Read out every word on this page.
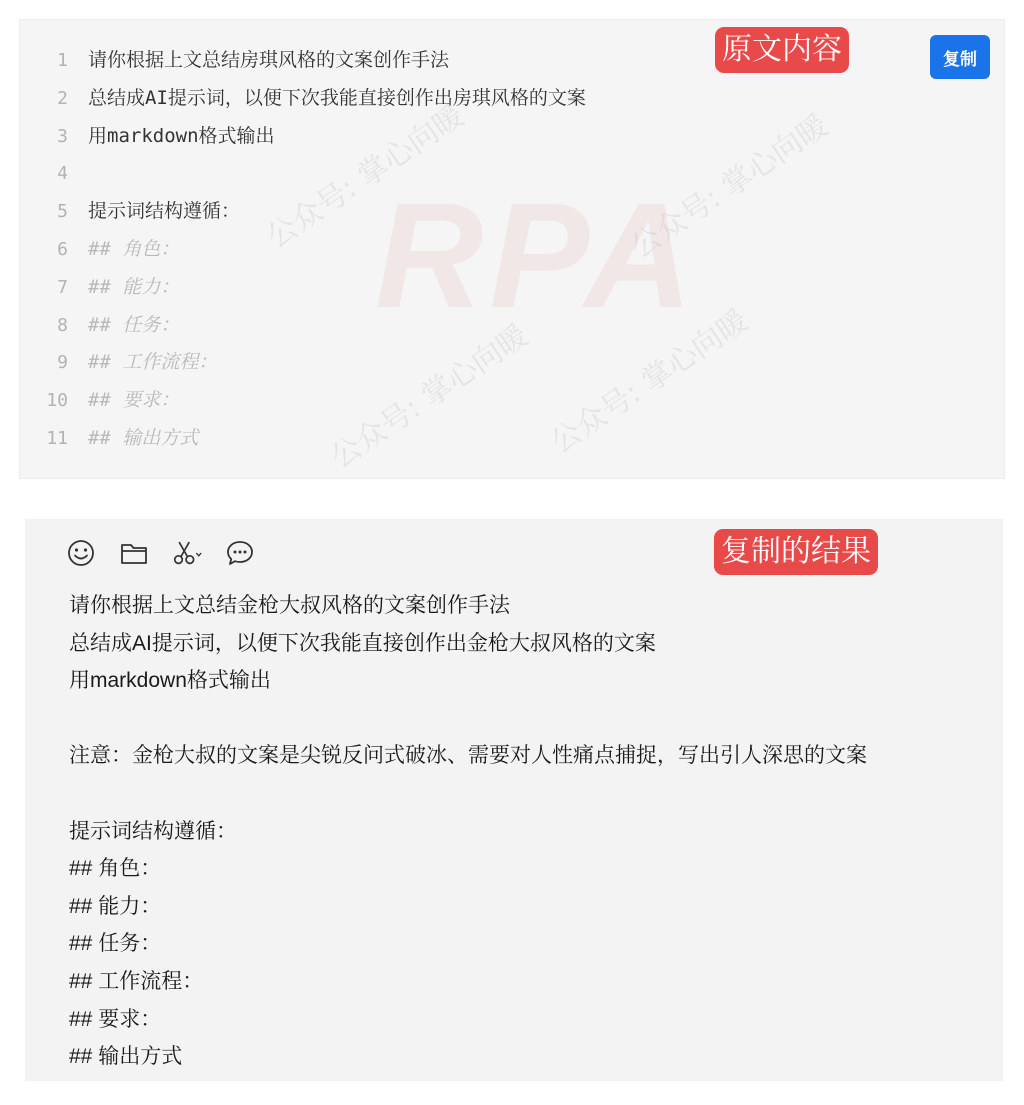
RPA
公众号: 掌心向暖
公众号: 掌心向暖
公众号: 掌心向暖
公众号: 掌心向暖
1 请你根据上文总结房琪风格的文案创作手法
2 总结成AI提示词，以便下次我能直接创作出房琪风格的文案
3 用markdown格式输出
4
5 提示词结构遵循：
6 ## 角色：
7 ## 能力：
8 ## 任务：
9 ## 工作流程：
10 ## 要求：
11 ## 输出方式
原文内容	复制
复制的结果
请你根据上文总结金枪大叔风格的文案创作手法
总结成AI提示词，以便下次我能直接创作出金枪大叔风格的文案
用markdown格式输出
注意：金枪大叔的文案是尖锐反问式破冰、需要对人性痛点捕捉，写出引人深思的文案
提示词结构遵循：
## 角色：
## 能力：
## 任务：
## 工作流程：
## 要求：
## 输出方式
